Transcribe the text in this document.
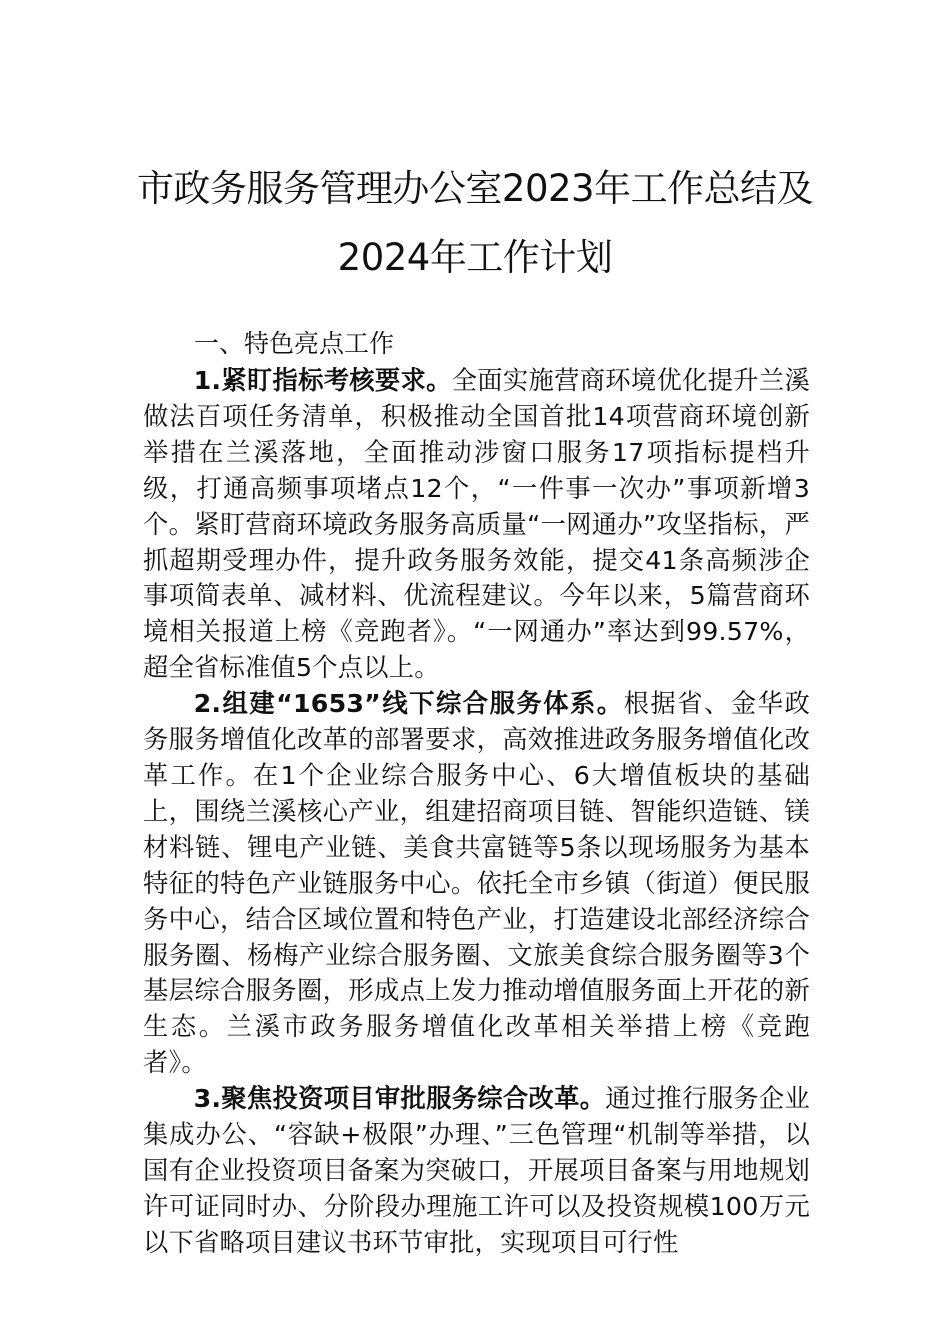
市政务服务管理办公室2023年工作总结及
2024年工作计划
一、特色亮点工作

1.紧盯指标考核要求。全面实施营商环境优化提升兰溪做法百项任务清单，积极推动全国首批14项营商环境创新举措在兰溪落地，全面推动涉窗口服务17项指标提档升级，打通高频事项堵点12个，“一件事一次办”事项新增3个。紧盯营商环境政务服务高质量“一网通办”攻坚指标，严抓超期受理办件，提升政务服务效能，提交41条高频涉企事项简表单、减材料、优流程建议。今年以来，5篇营商环境相关报道上榜《竞跑者》。“一网通办”率达到99.57%，超全省标准值5个点以上。

2.组建“1653”线下综合服务体系。根据省、金华政务服务增值化改革的部署要求，高效推进政务服务增值化改革工作。在1个企业综合服务中心、6大增值板块的基础上，围绕兰溪核心产业，组建招商项目链、智能织造链、镁材料链、锂电产业链、美食共富链等5条以现场服务为基本特征的特色产业链服务中心。依托全市乡镇（街道）便民服务中心，结合区域位置和特色产业，打造建设北部经济综合服务圈、杨梅产业综合服务圈、文旅美食综合服务圈等3个基层综合服务圈，形成点上发力推动增值服务面上开花的新生态。兰溪市政务服务增值化改革相关举措上榜《竞跑者》。

3.聚焦投资项目审批服务综合改革。通过推行服务企业集成办公、“容缺+极限”办理、”三色管理“机制等举措，以国有企业投资项目备案为突破口，开展项目备案与用地规划许可证同时办、分阶段办理施工许可以及投资规模100万元以下省略项目建议书环节审批，实现项目可行性
